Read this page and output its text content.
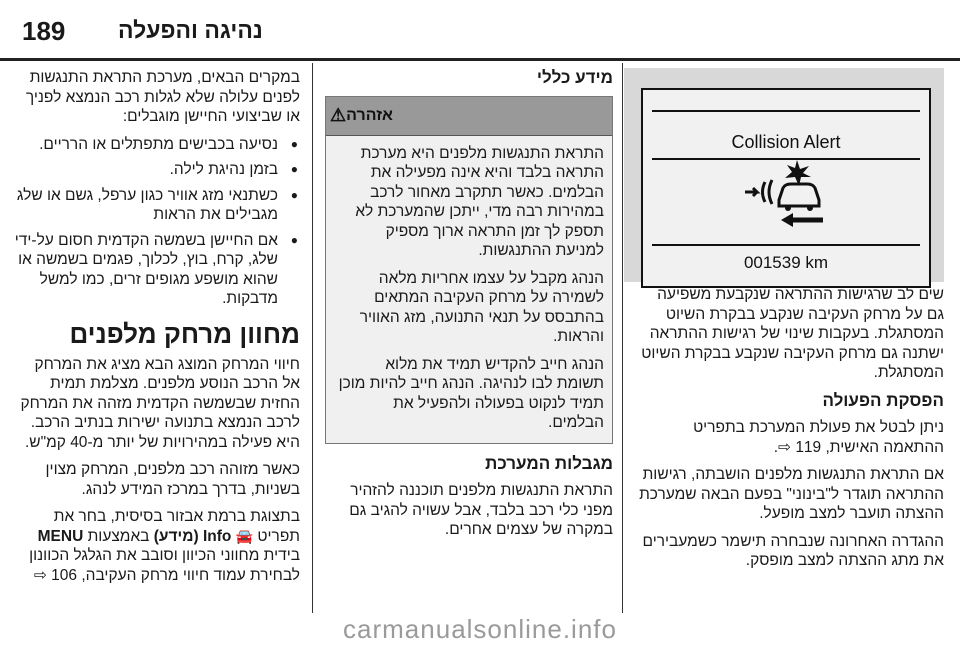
189 נהיגה והפעלה
Collision Alert
001539 km

שים לב שרגישות ההתראה שנקבעת משפיעה גם על מרחק העקיבה שנקבע בבקרת השיוט המסתגלת. בעקבות שינוי של רגישות ההתראה ישתנה גם מרחק העקיבה שנקבע בבקרת השיוט המסתגלת.

הפסקת הפעולה

ניתן לבטל את פעולת המערכת בתפריט ההתאמה האישית, 119 ⇨.

אם התראת התנגשות מלפנים הושבתה, רגישות ההתראה תוגדר ל"בינוני" בפעם הבאה שמערכת ההצתה תועבר למצב מופעל.

ההגדרה האחרונה שנבחרה תישמר כשמעבירים את מתג ההצתה למצב מופסק.

מידע כללי
אזהרה
⚠

התראת התנגשות מלפנים היא מערכת התראה בלבד והיא אינה מפעילה את הבלמים. כאשר תתקרב מאחור לרכב במהירות רבה מדי, ייתכן שהמערכת לא תספק לך זמן התראה ארוך מספיק למניעת ההתנגשות.

הנהג מקבל על עצמו אחריות מלאה לשמירה על מרחק העקיבה המתאים בהתבסס על תנאי התנועה, מזג האוויר והראות.

הנהג חייב להקדיש תמיד את מלוא תשומת לבו לנהיגה. הנהג חייב להיות מוכן תמיד לנקוט בפעולה ולהפעיל את הבלמים.

מגבלות המערכת

התראת התנגשות מלפנים תוכננה להזהיר מפני כלי רכב בלבד, אבל עשויה להגיב גם במקרה של עצמים אחרים.

במקרים הבאים, מערכת התראת התנגשות לפנים עלולה שלא לגלות רכב הנמצא לפניך או שביצועי החיישן מוגבלים:

● נסיעה בכבישים מתפתלים או הרריים.
● בזמן נהיגת לילה.
● כשתנאי מזג אוויר כגון ערפל, גשם או שלג מגבילים את הראות
● אם החיישן בשמשה הקדמית חסום על-ידי שלג, קרח, בוץ, לכלוך, פגמים בשמשה או שהוא מושפע מגופים זרים, כמו למשל מדבקות.
מחוון מרחק מלפנים

חיווי המרחק המוצג הבא מציג את המרחק אל הרכב הנוסע מלפנים. מצלמת תמית החזית שבשמשה הקדמית מזהה את המרחק לרכב הנמצא בתנועה ישירות בנתיב הרכב. היא פעילה במהירויות של יותר מ-40 קמ"ש.

כאשר מזוהה רכב מלפנים, המרחק מצוין בשניות, בדרך במרכז המידע לנהג.

בתצוגת ברמת אבזור בסיסית, בחר את תפריט 🚘 Info (מידע) באמצעות MENU בידית מחווני הכיוון וסובב את הגלגל הכוונון לבחירת עמוד חיווי מרחק העקיבה, 106 ⇨

carmanualsonline.info
